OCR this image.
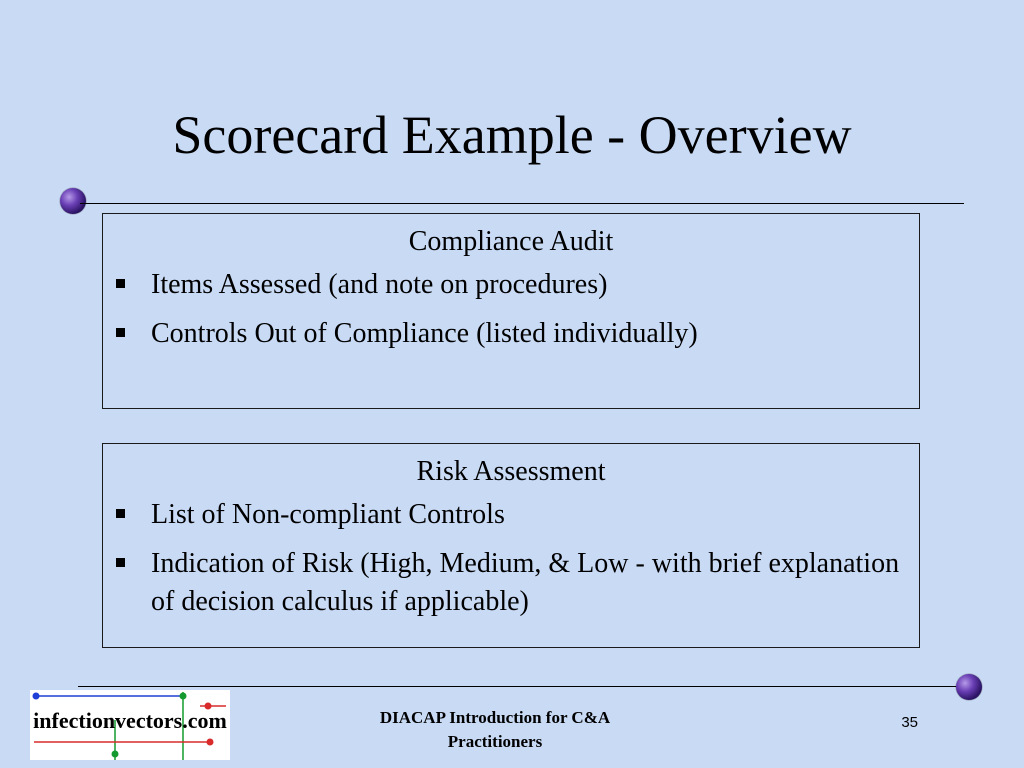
Scorecard Example - Overview
Compliance Audit
Items Assessed (and note on procedures)
Controls Out of Compliance (listed individually)
Risk Assessment
List of Non-compliant Controls
Indication of Risk (High, Medium, & Low - with brief explanation of decision calculus if applicable)
infectionvectors.com	DIACAP Introduction for C&A
Practitioners
35
